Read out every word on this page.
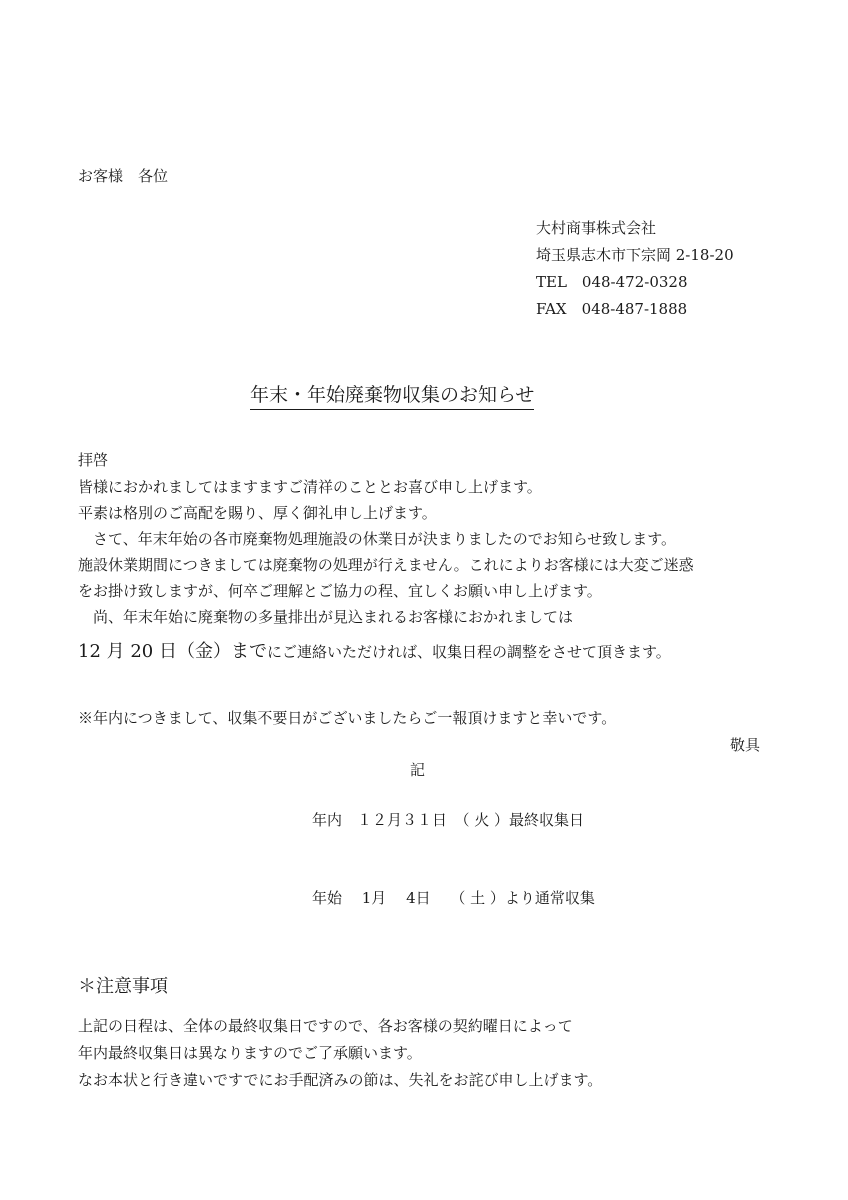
お客様　各位
大村商事株式会社
埼玉県志木市下宗岡 2-18-20
TEL　048-472-0328
FAX　048-487-1888
年末・年始廃棄物収集のお知らせ
拝啓
皆様におかれましてはますますご清祥のこととお喜び申し上げます。
平素は格別のご高配を賜り、厚く御礼申し上げます。
　さて、年末年始の各市廃棄物処理施設の休業日が決まりましたのでお知らせ致します。
施設休業期間につきましては廃棄物の処理が行えません。これによりお客様には大変ご迷惑
をお掛け致しますが、何卒ご理解とご協力の程、宜しくお願い申し上げます。
　尚、年末年始に廃棄物の多量排出が見込まれるお客様におかれましては
12 月 20 日（金）までにご連絡いただければ、収集日程の調整をさせて頂きます。
※年内につきまして、収集不要日がございましたらご一報頂けますと幸いです。
敬具
記
年内　１２月３１日　（ 火 ）最終収集日
年始　 1月　 4日　 （ 土 ）より通常収集
＊注意事項
上記の日程は、全体の最終収集日ですので、各お客様の契約曜日によって
年内最終収集日は異なりますのでご了承願います。
なお本状と行き違いですでにお手配済みの節は、失礼をお詫び申し上げます。
